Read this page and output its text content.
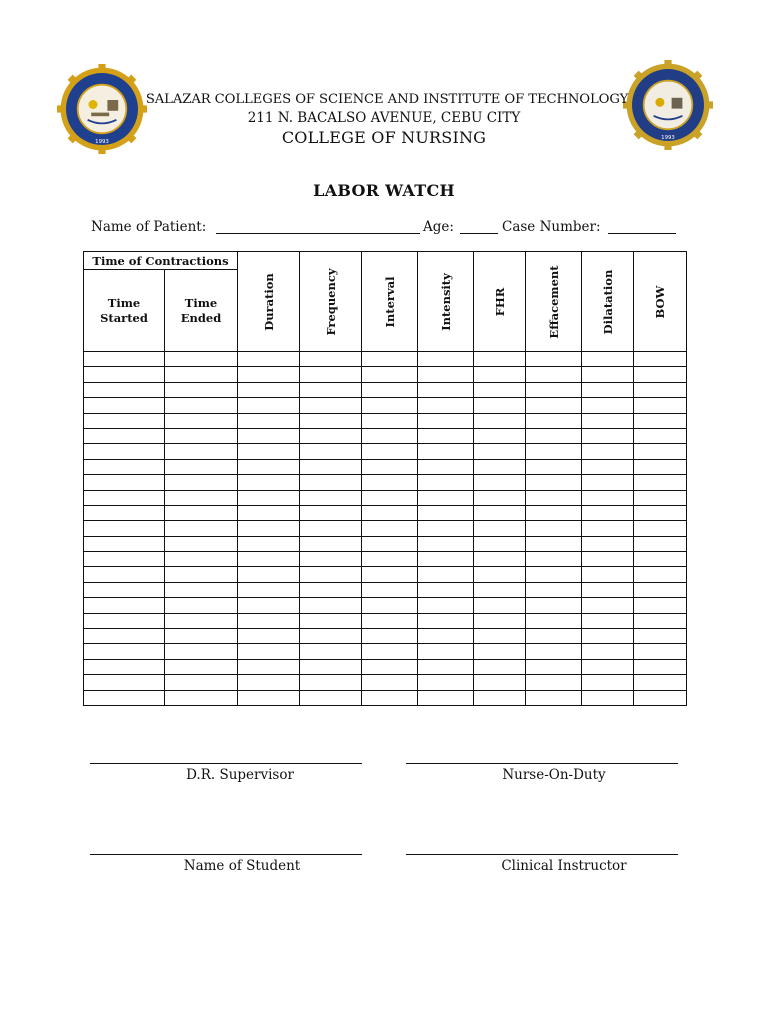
1993
1993
SALAZAR COLLEGES OF SCIENCE AND INSTITUTE OF TECHNOLOGY
211 N. BACALSO AVENUE, CEBU CITY
COLLEGE OF NURSING
LABOR WATCH
Name of Patient:	Age:	Case Number:
Time of Contractions		Duration	Frequency	Interval	Intensity	FHR	Effacement	Dilatation	BOW

Time Started	Time Ended								

D.R. Supervisor	Nurse-On-Duty
Name of Student	Clinical Instructor
